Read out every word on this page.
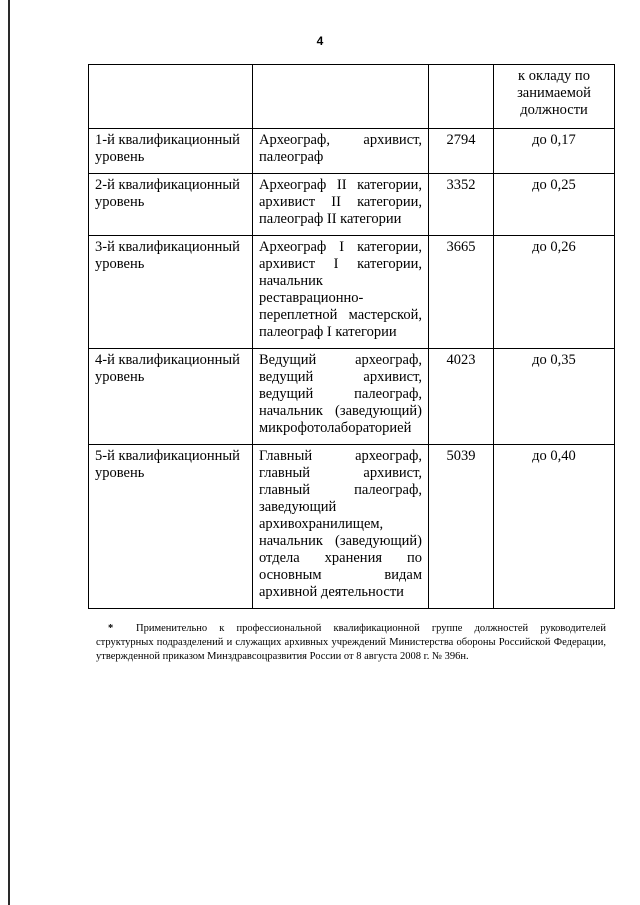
4
			к окладу по
занимаемой
должности
1-й квалификационный уровень	Археограф, архивист, палеограф	2794	до 0,17
2-й квалификационный уровень	Археограф II категории, архивист II категории, палеограф II категории	3352	до 0,25
3-й квалификационный уровень	Археограф I категории, архивист I категории, начальник реставрационно-переплетной мастерской, палеограф I категории	3665	до 0,26
4-й квалификационный уровень	Ведущий археограф, ведущий архивист, ведущий палеограф, начальник (заведующий) микрофотолабораторией	4023	до 0,35
5-й квалификационный уровень	Главный археограф, главный архивист, главный палеограф, заведующий архивохранилищем, начальник (заведующий) отдела хранения по основным видам архивной деятельности	5039	до 0,40
* Применительно к профессиональной квалификационной группе должностей руководителей структурных подразделений и служащих архивных учреждений Министерства обороны Российской Федерации, утвержденной приказом Минздравсоцразвития России от 8 августа 2008 г. № 396н.
